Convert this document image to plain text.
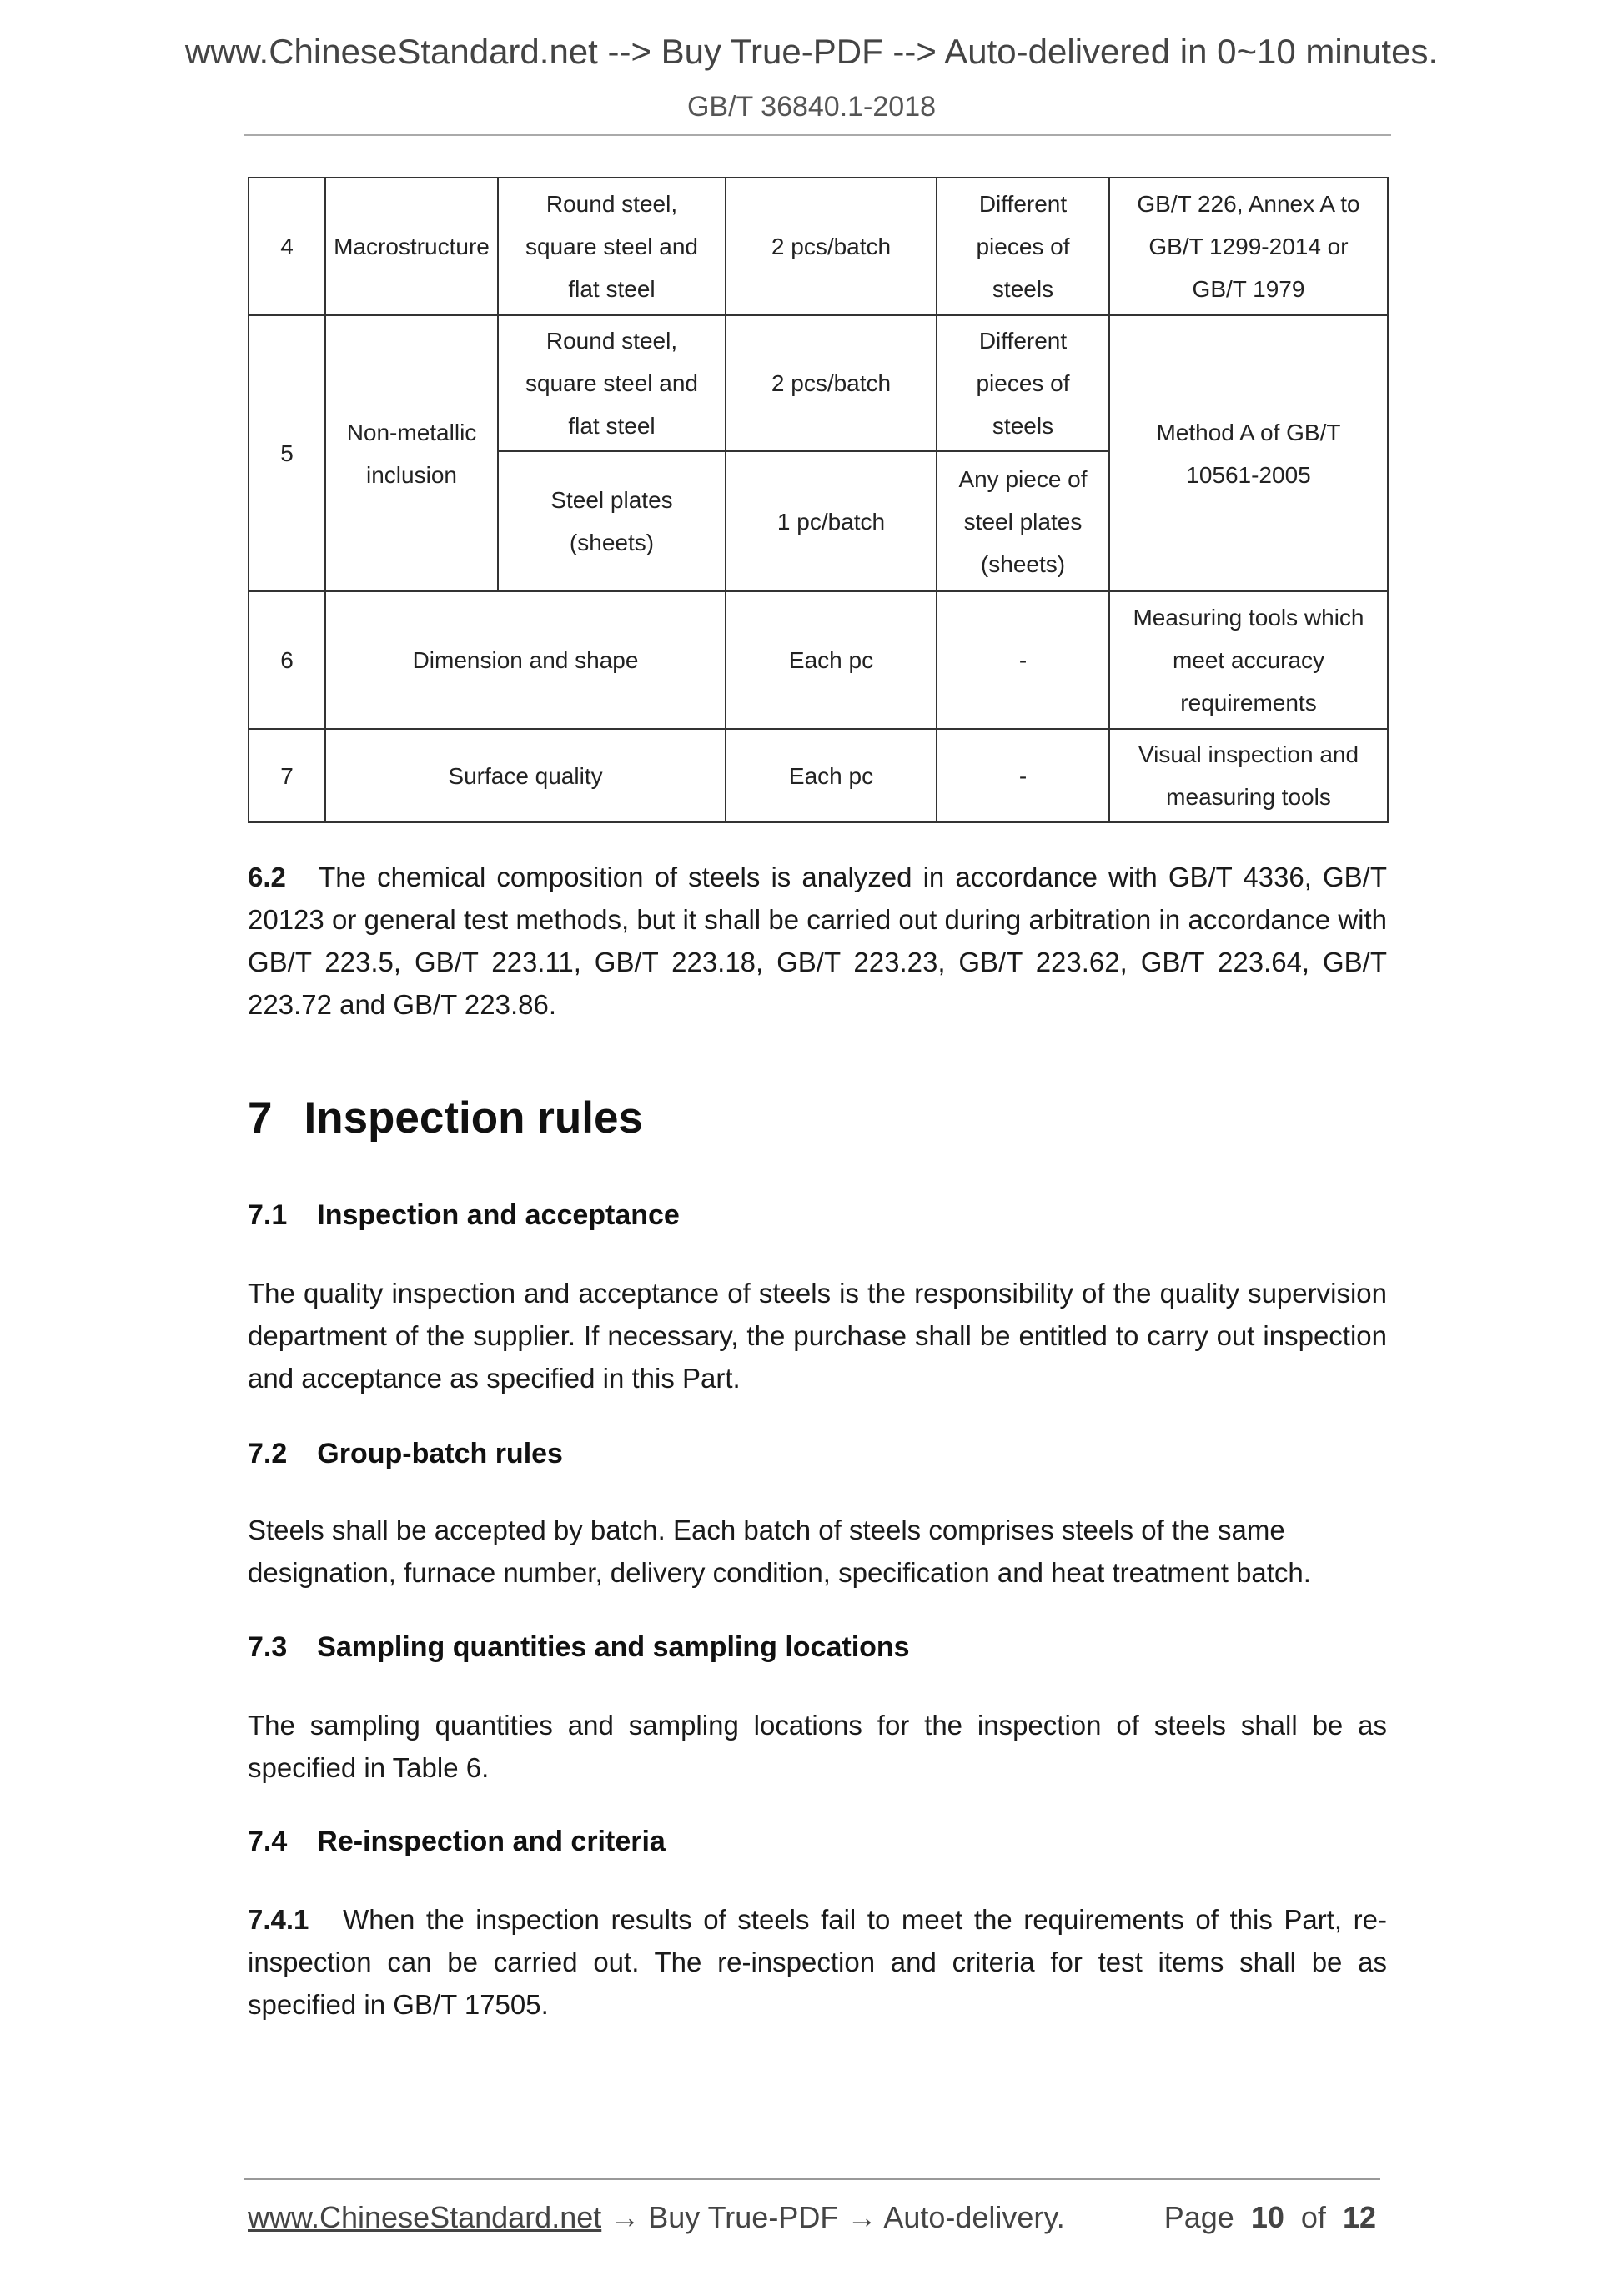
www.ChineseStandard.net --> Buy True-PDF --> Auto-delivered in 0~10 minutes.
GB/T 36840.1-2018
4	Macrostructure	Round steel,
square steel and
flat steel	2 pcs/batch	Different
pieces of
steels	GB/T 226, Annex A to
GB/T 1299-2014 or
GB/T 1979
5	Non-metallic
inclusion	Round steel,
square steel and
flat steel	2 pcs/batch	Different
pieces of
steels	Method A of GB/T
10561-2005
		Steel plates
(sheets)	1 pc/batch	Any piece of
steel plates
(sheets)	
6	Dimension and shape		Each pc	-	Measuring tools which
meet accuracy
requirements
7	Surface quality		Each pc	-	Visual inspection and
measuring tools
6.2 The chemical composition of steels is analyzed in accordance with GB/T 4336, GB/T 20123 or general test methods, but it shall be carried out during arbitration in accordance with GB/T 223.5, GB/T 223.11, GB/T 223.18, GB/T 223.23, GB/T 223.62, GB/T 223.64, GB/T 223.72 and GB/T 223.86.
7 Inspection rules
7.1 Inspection and acceptance
The quality inspection and acceptance of steels is the responsibility of the quality supervision department of the supplier. If necessary, the purchase shall be entitled to carry out inspection and acceptance as specified in this Part.
7.2 Group-batch rules
Steels shall be accepted by batch. Each batch of steels comprises steels of the same designation, furnace number, delivery condition, specification and heat treatment batch.
7.3 Sampling quantities and sampling locations
The sampling quantities and sampling locations for the inspection of steels shall be as specified in Table 6.
7.4 Re-inspection and criteria
7.4.1 When the inspection results of steels fail to meet the requirements of this Part, re-inspection can be carried out. The re-inspection and criteria for test items shall be as specified in GB/T 17505.
www.ChineseStandard.net → Buy True-PDF → Auto-delivery.	Page 10 of 12
